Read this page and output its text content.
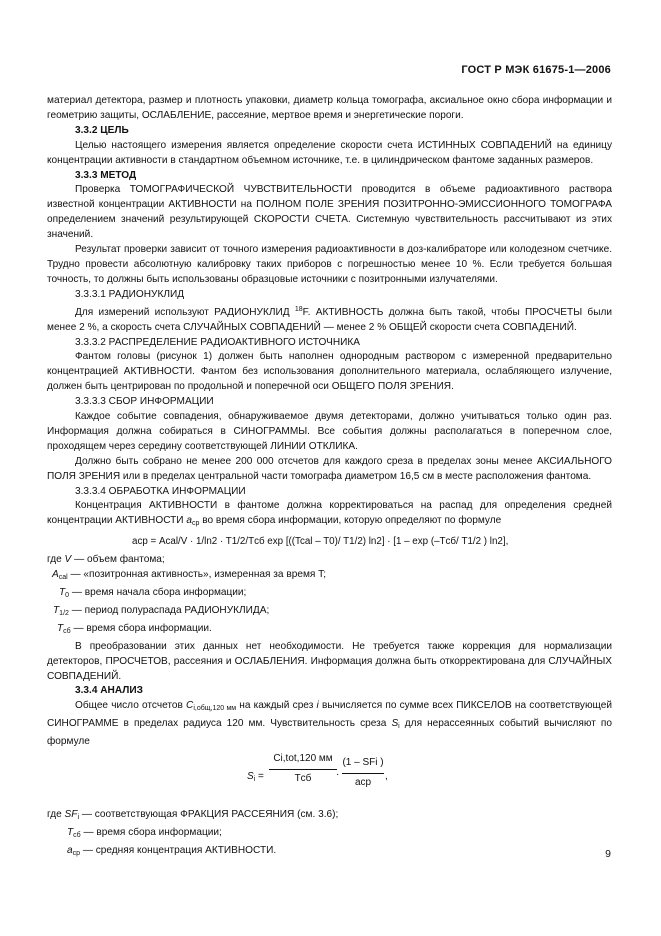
ГОСТ Р МЭК 61675-1—2006

материал детектора, размер и плотность упаковки, диаметр кольца томографа, аксиальное окно сбора информации и геометрию защиты, ОСЛАБЛЕНИЕ, рассеяние, мертвое время и энергетические пороги.

3.3.2 ЦЕЛЬ

Целью настоящего измерения является определение скорости счета ИСТИННЫХ СОВПАДЕНИЙ на единицу концентрации активности в стандартном объемном источнике, т.е. в цилиндрическом фантоме заданных размеров.

3.3.3 МЕТОД

Проверка ТОМОГРАФИЧЕСКОЙ ЧУВСТВИТЕЛЬНОСТИ проводится в объеме радиоактивного раствора известной концентрации АКТИВНОСТИ на ПОЛНОМ ПОЛЕ ЗРЕНИЯ ПОЗИТРОННО-ЭМИССИОННОГО ТОМОГРАФА определением значений результирующей СКОРОСТИ СЧЕТА. Системную чувствительность рассчитывают из этих значений.

Результат проверки зависит от точного измерения радиоактивности в доз-калибраторе или колодезном счетчике. Трудно провести абсолютную калибровку таких приборов с погрешностью менее 10 %. Если требуется большая точность, то должны быть использованы образцовые источники с позитронными излучателями.

3.3.3.1 РАДИОНУКЛИД

Для измерений используют РАДИОНУКЛИД $^{18}$F. АКТИВНОСТЬ должна быть такой, чтобы ПРОСЧЕТЫ были менее 2 %, а скорость счета СЛУЧАЙНЫХ СОВПАДЕНИЙ — менее 2 % ОБЩЕЙ скорости счета СОВПАДЕНИЙ.

3.3.3.2 РАСПРЕДЕЛЕНИЕ РАДИОАКТИВНОГО ИСТОЧНИКА

Фантом головы (рисунок 1) должен быть наполнен однородным раствором с измеренной предварительно концентрацией АКТИВНОСТИ. Фантом без использования дополнительного материала, ослабляющего излучение, должен быть центрирован по продольной и поперечной оси ОБЩЕГО ПОЛЯ ЗРЕНИЯ.

3.3.3.3 СБОР ИНФОРМАЦИИ

Каждое событие совпадения, обнаруживаемое двумя детекторами, должно учитываться только один раз. Информация должна собираться в СИНОГРАММЫ. Все события должны располагаться в поперечном слое, проходящем через середину соответствующей ЛИНИИ ОТКЛИКА.

Должно быть собрано не менее 200 000 отсчетов для каждого среза в пределах зоны менее АКСИАЛЬНОГО ПОЛЯ ЗРЕНИЯ или в пределах центральной части томографа диаметром 16,5 см в месте расположения фантома.

3.3.3.4 ОБРАБОТКА ИНФОРМАЦИИ

Концентрация АКТИВНОСТИ в фантоме должна корректироваться на распад для определения средней концентрации АКТИВНОСТИ $a_{ср}$ во время сбора информации, которую определяют по формуле

aср = Acal/V · 1/ln2 · T1/2/Tсб exp [((Tcal – T0)/ T1/2) ln2] · [1 – exp (–Tсб/ T1/2 ) ln2],
где V — объем фантома;
$A_{cal}$ — «позитронная активность», измеренная за время T;
$T_0$ — время начала сбора информации;
$T_{1/2}$ — период полураспада РАДИОНУКЛИДА;
$T_{сб}$ — время сбора информации.

В преобразовании этих данных нет необходимости. Не требуется также коррекция для нормализации детекторов, ПРОСЧЕТОВ, рассеяния и ОСЛАБЛЕНИЯ. Информация должна быть откорректирована для СЛУЧАЙНЫХ СОВПАДЕНИЙ.

3.3.4 АНАЛИЗ

Общее число отсчетов $C_{i,общ,120 мм}$ на каждый срез i вычисляется по сумме всех ПИКСЕЛОВ на соответствующей СИНОГРАММЕ в пределах радиуса 120 мм. Чувствительность среза $S_i$ для нерассеянных событий вычисляют по формуле

$S_i$ =
Ci,tot,120 мм
Tсб	·
(1 – SFi )
aср
,
где $SF_i$ — соответствующая ФРАКЦИЯ РАССЕЯНИЯ (см. 3.6);
$T_{сб}$ — время сбора информации;
$a_{ср}$ — средняя концентрация АКТИВНОСТИ.	9
